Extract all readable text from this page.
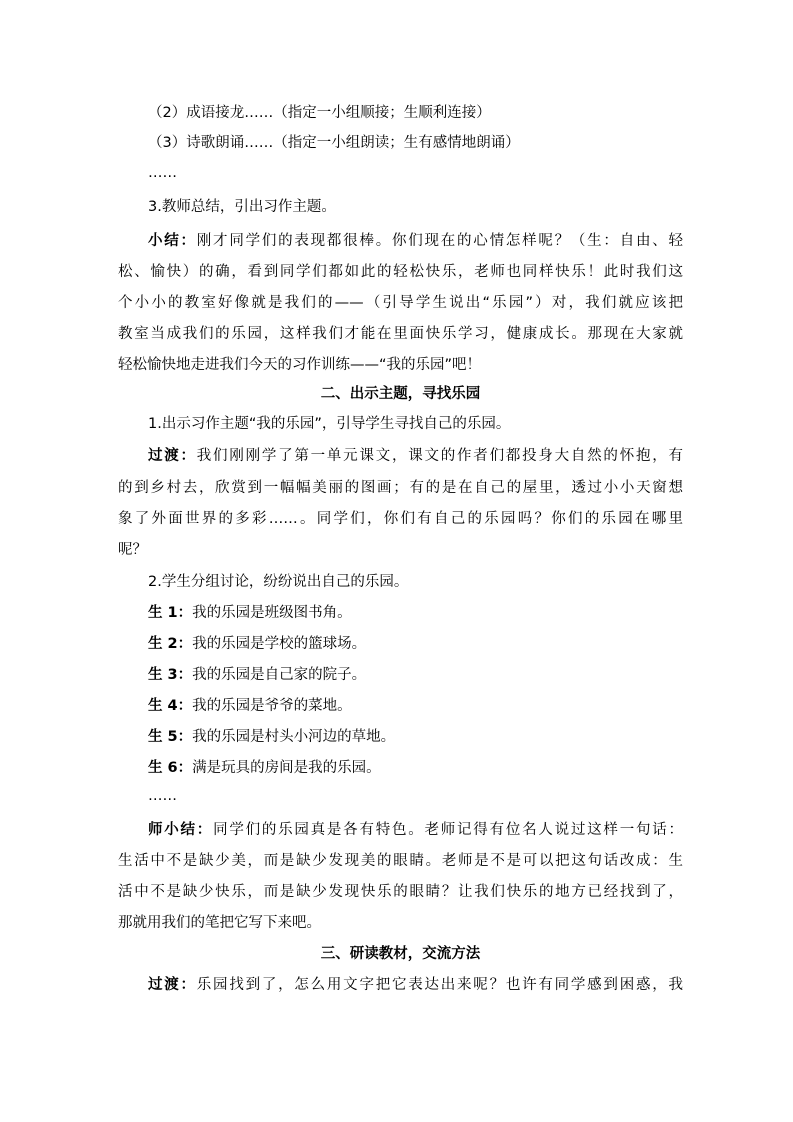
（2）成语接龙……（指定一小组顺接；生顺利连接）
（3）诗歌朗诵……（指定一小组朗读；生有感情地朗诵）
……
3.教师总结，引出习作主题。
小结：刚才同学们的表现都很棒。你们现在的心情怎样呢？（生：自由、轻
松、愉快）的确，看到同学们都如此的轻松快乐，老师也同样快乐！此时我们这
个小小的教室好像就是我们的——（引导学生说出“乐园”）对，我们就应该把
教室当成我们的乐园，这样我们才能在里面快乐学习，健康成长。那现在大家就
轻松愉快地走进我们今天的习作训练——“我的乐园”吧！
二、出示主题，寻找乐园
1.出示习作主题“我的乐园”，引导学生寻找自己的乐园。
过渡：我们刚刚学了第一单元课文，课文的作者们都投身大自然的怀抱，有
的到乡村去，欣赏到一幅幅美丽的图画；有的是在自己的屋里，透过小小天窗想
象了外面世界的多彩……。同学们，你们有自己的乐园吗？你们的乐园在哪里
呢？
2.学生分组讨论，纷纷说出自己的乐园。
生 1：我的乐园是班级图书角。
生 2：我的乐园是学校的篮球场。
生 3：我的乐园是自己家的院子。
生 4：我的乐园是爷爷的菜地。
生 5：我的乐园是村头小河边的草地。
生 6：满是玩具的房间是我的乐园。
……
师小结：同学们的乐园真是各有特色。老师记得有位名人说过这样一句话：
生活中不是缺少美，而是缺少发现美的眼睛。老师是不是可以把这句话改成：生
活中不是缺少快乐，而是缺少发现快乐的眼睛？让我们快乐的地方已经找到了，
那就用我们的笔把它写下来吧。
三、研读教材，交流方法
过渡：乐园找到了，怎么用文字把它表达出来呢？也许有同学感到困惑，我
